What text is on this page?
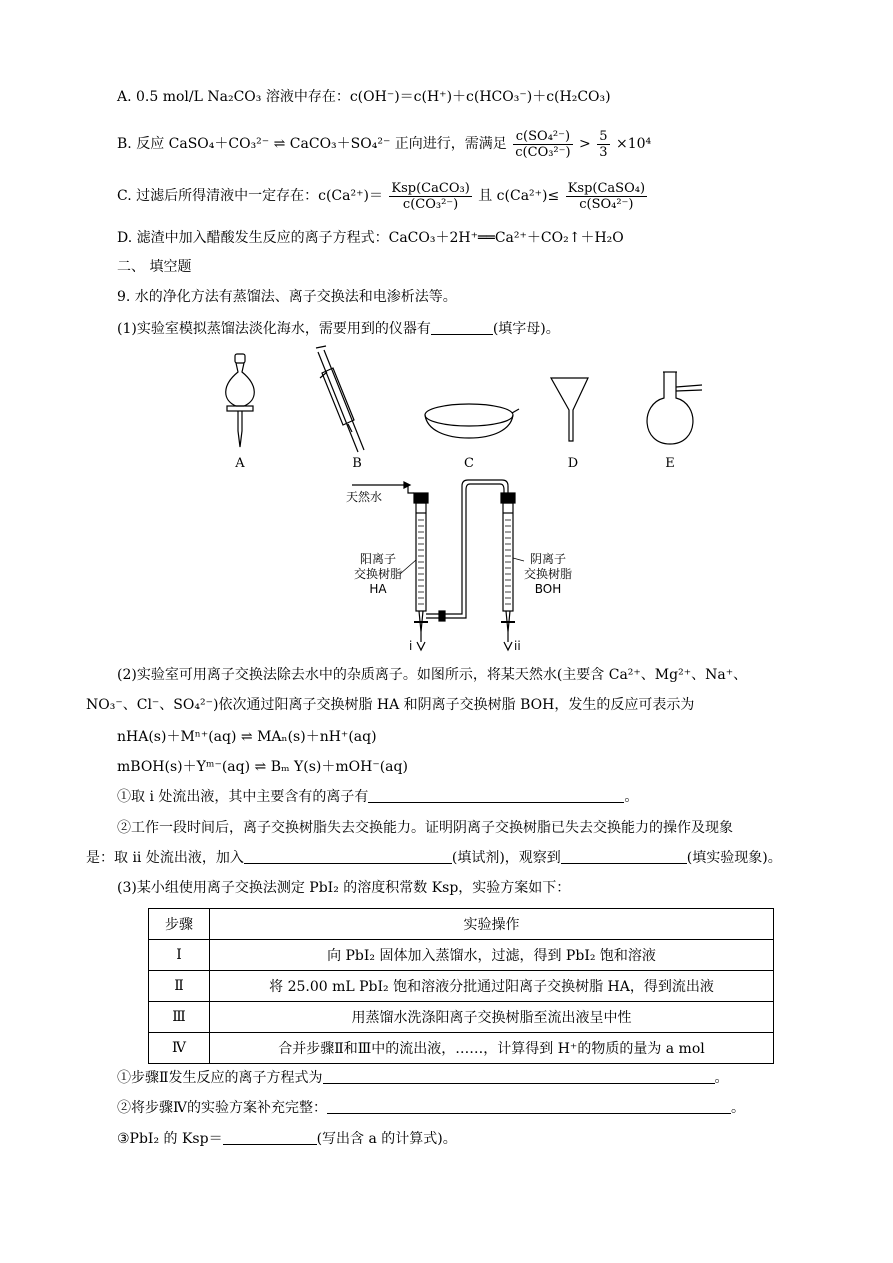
A. 0.5 mol/L Na₂CO₃ 溶液中存在：c(OH⁻)＝c(H⁺)＋c(HCO₃⁻)＋c(H₂CO₃)
B. 反应 CaSO₄＋CO₃²⁻ ⇌ CaCO₃＋SO₄²⁻ 正向进行，需满足 $\frac{\text{c(SO₄²⁻)}}{\text{c(CO₃²⁻)}} > \frac{5}{3} \times 10^4$
C. 过滤后所得清液中一定存在：$c(Ca^{2+})= \frac{\text{Ksp(CaCO₃)}}{\text{c(CO₃²⁻)}}$ 且 $c(Ca^{2+})\le \frac{\text{Ksp(CaSO₄)}}{\text{c(SO₄²⁻)}}$
D. 滤渣中加入醋酸发生反应的离子方程式：CaCO₃＋2H⁺══Ca²⁺＋CO₂↑＋H₂O
二、 填空题
9. 水的净化方法有蒸馏法、离子交换法和电渗析法等。
(1)实验室模拟蒸馏法淡化海水，需要用到的仪器有	(填字母)。
A	B	C	D	E
天然水
阳离子
交换树脂
HA
阴离子
交换树脂
BOH
i	ii
(2)实验室可用离子交换法除去水中的杂质离子。如图所示，将某天然水(主要含 Ca²⁺、Mg²⁺、Na⁺、
NO₃⁻、Cl⁻、SO₄²⁻)依次通过阳离子交换树脂 HA 和阴离子交换树脂 BOH，发生的反应可表示为
nHA(s)＋Mⁿ⁺(aq) ⇌ MAₙ(s)＋nH⁺(aq)
mBOH(s)＋Yᵐ⁻(aq) ⇌ Bₘ Y(s)＋mOH⁻(aq)
①取 i 处流出液，其中主要含有的离子有	。
②工作一段时间后，离子交换树脂失去交换能力。证明阴离子交换树脂已失去交换能力的操作及现象
是：取 ii 处流出液，加入	(填试剂)，观察到	(填实验现象)。
(3)某小组使用离子交换法测定 PbI₂ 的溶度积常数 Ksp，实验方案如下：
步骤	实验操作
Ⅰ	向 PbI₂ 固体加入蒸馏水，过滤，得到 PbI₂ 饱和溶液
Ⅱ	将 25.00 mL PbI₂ 饱和溶液分批通过阳离子交换树脂 HA，得到流出液
Ⅲ	用蒸馏水洗涤阳离子交换树脂至流出液呈中性
Ⅳ	合并步骤Ⅱ和Ⅲ中的流出液，……，计算得到 H⁺的物质的量为 a mol
①步骤Ⅱ发生反应的离子方程式为	。
②将步骤Ⅳ的实验方案补充完整：	。
③PbI₂ 的 Ksp＝	(写出含 a 的计算式)。
